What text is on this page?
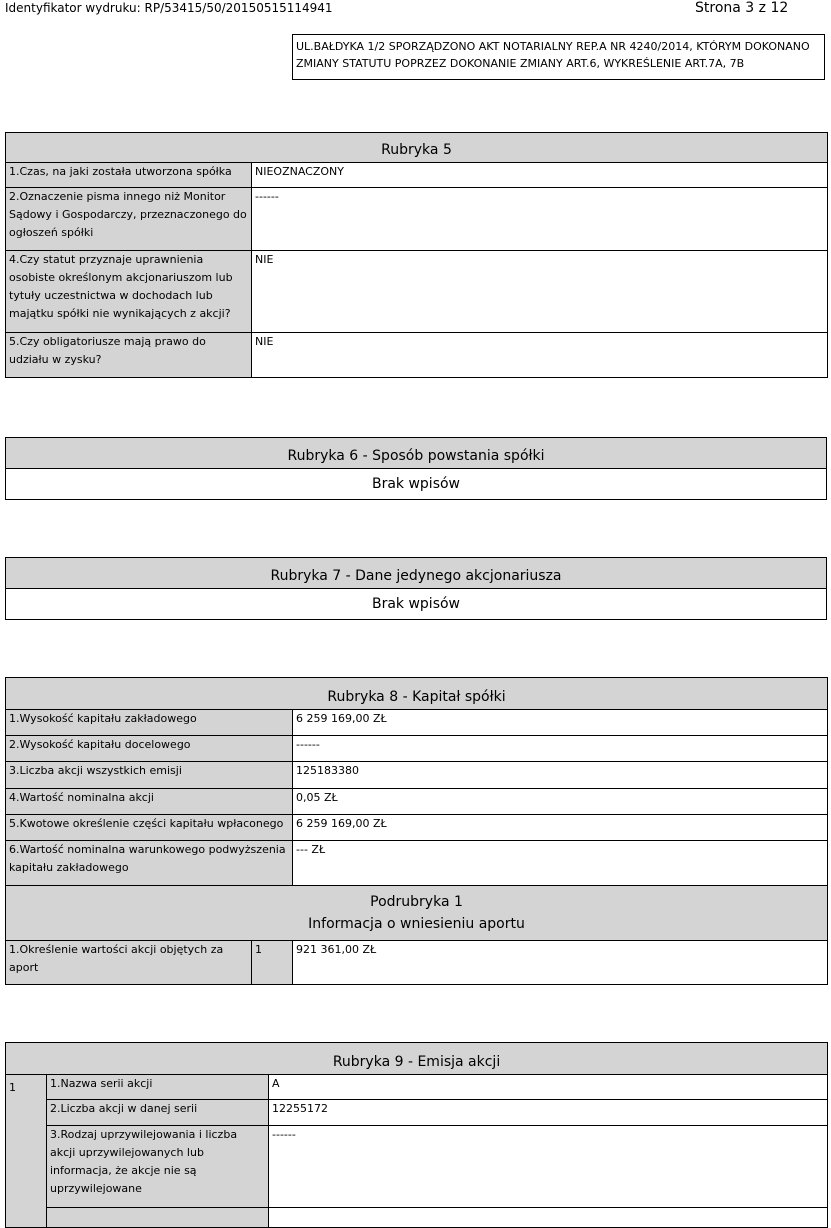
Identyfikator wydruku: RP/53415/50/20150515114941	Strona 3 z 12
UL.BAŁDYKA 1/2 SPORZĄDZONO AKT NOTARIALNY REP.A NR 4240/2014, KTÓRYM DOKONANO ZMIANY STATUTU POPRZEZ DOKONANIE ZMIANY ART.6, WYKREŚLENIE ART.7A, 7B
Rubryka 5	
1.Czas, na jaki została utworzona spółka	NIEOZNACZONY
2.Oznaczenie pisma innego niż Monitor Sądowy i Gospodarczy, przeznaczonego do ogłoszeń spółki	------
4.Czy statut przyznaje uprawnienia osobiste określonym akcjonariuszom lub tytuły uczestnictwa w dochodach lub majątku spółki nie wynikających z akcji?	NIE
5.Czy obligatoriusze mają prawo do udziału w zysku?	NIE
Rubryka 6 - Sposób powstania spółki
Brak wpisów
Rubryka 7 - Dane jedynego akcjonariusza
Brak wpisów
Rubryka 8 - Kapitał spółki		
1.Wysokość kapitału zakładowego		6 259 169,00 ZŁ
2.Wysokość kapitału docelowego		------
3.Liczba akcji wszystkich emisji		125183380
4.Wartość nominalna akcji		0,05 ZŁ
5.Kwotowe określenie części kapitału wpłaconego		6 259 169,00 ZŁ
6.Wartość nominalna warunkowego podwyższenia kapitału zakładowego		--- ZŁ

Podrubryka 1
Informacja o wniesieniu aportu		

1.Określenie wartości akcji objętych za aport	1	921 361,00 ZŁ
Rubryka 9 - Emisja akcji		
1	1.Nazwa serii akcji	A
	2.Liczba akcji w danej serii	12255172
	3.Rodzaj uprzywilejowania i liczba akcji uprzywilejowanych lub informacja, że akcje nie są uprzywilejowane	------
